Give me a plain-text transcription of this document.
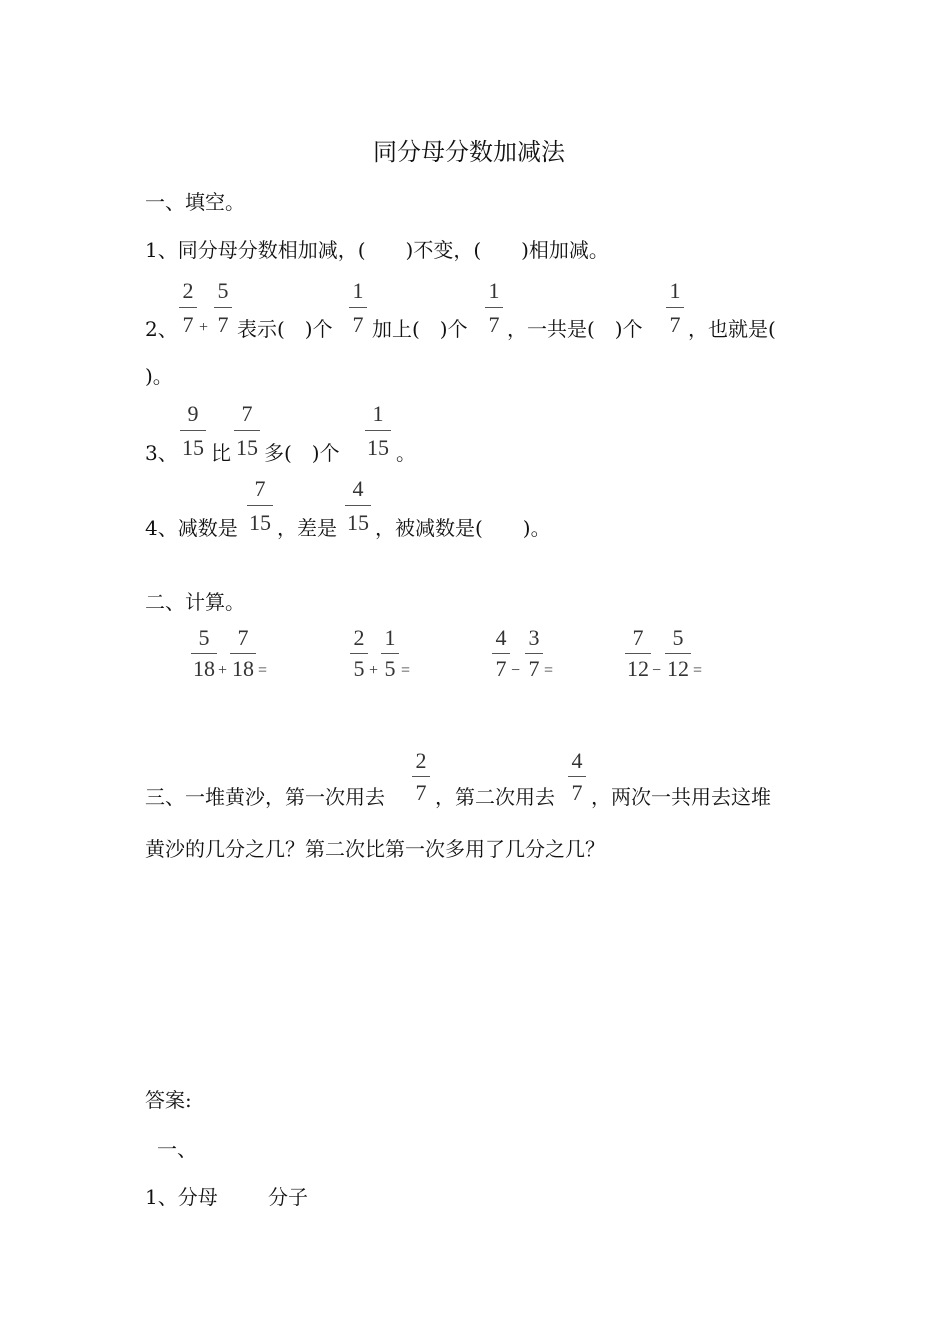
同分母分数加减法
一、填空。
1、同分母分数相加减，(　　)不变，(　　)相加减。
2、
2
7 +
5
7 表示(　)个
1
7 加上(　)个
1
7 ，一共是(　)个
1
7 ，也就是(
)。
3、
9
15 比
7
15 多(　)个
1
15 。
4、减数是
7
15 ，差是
4
15 ，被减数是(　　)。
二、计算。
5
18 +
7
18 =
2
5 +
1
5 =
4
7 −
3
7 =
7
12 −
5
12 =
三、一堆黄沙，第一次用去
2
7 ，第二次用去
4
7 ，两次一共用去这堆
黄沙的几分之几？第二次比第一次多用了几分之几？
答案:
一、
1、分母	分子
